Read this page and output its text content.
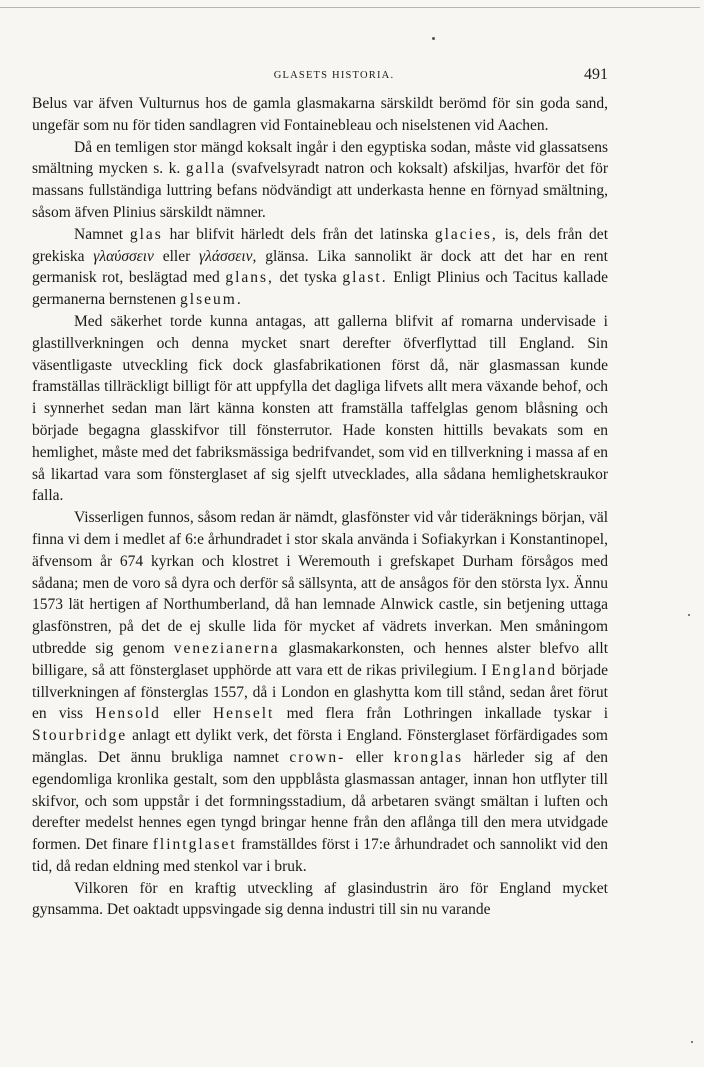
GLASETS HISTORIA.	491

Belus var äfven Vulturnus hos de gamla glasmakarna särskildt berömd för sin goda sand, ungefär som nu för tiden sandlagren vid Fontainebleau och niselstenen vid Aachen.

Då en temligen stor mängd koksalt ingår i den egyptiska sodan, måste vid glassatsens smältning mycken s. k. galla (svafvelsyradt natron och koksalt) afskiljas, hvarför det för massans fullständiga luttring befans nödvändigt att underkasta henne en förnyad smältning, såsom äfven Plinius särskildt nämner.

Namnet glas har blifvit härledt dels från det latinska glacies, is, dels från det grekiska γλαύσσειν eller γλάσσειν, glänsa. Lika sannolikt är dock att det har en rent germanisk rot, beslägtad med glans, det tyska glast. Enligt Plinius och Tacitus kallade germanerna bernstenen glseum.

Med säkerhet torde kunna antagas, att gallerna blifvit af romarna undervisade i glastillverkningen och denna mycket snart derefter öfverflyttad till England. Sin väsentligaste utveckling fick dock glasfabrikationen först då, när glasmassan kunde framställas tillräckligt billigt för att uppfylla det dagliga lifvets allt mera växande behof, och i synnerhet sedan man lärt känna konsten att framställa taffelglas genom blåsning och började begagna glasskifvor till fönsterrutor. Hade konsten hittills bevakats som en hemlighet, måste med det fabriksmässiga bedrifvandet, som vid en tillverkning i massa af en så likartad vara som fönsterglaset af sig sjelft utvecklades, alla sådana hemlighetskraukor falla.

Visserligen funnos, såsom redan är nämdt, glasfönster vid vår tideräknings början, väl finna vi dem i medlet af 6:e århundradet i stor skala använda i Sofiakyrkan i Konstantinopel, äfvensom år 674 kyrkan och klostret i Weremouth i grefskapet Durham försågos med sådana; men de voro så dyra och derför så sällsynta, att de ansågos för den största lyx. Ännu 1573 lät hertigen af Northumberland, då han lemnade Alnwick castle, sin betjening uttaga glasfönstren, på det de ej skulle lida för mycket af vädrets inverkan. Men småningom utbredde sig genom venezianerna glasmakarkonsten, och hennes alster blefvo allt billigare, så att fönsterglaset upphörde att vara ett de rikas privilegium. I England började tillverkningen af fönsterglas 1557, då i London en glashytta kom till stånd, sedan året förut en viss Hensold eller Henselt med flera från Lothringen inkallade tyskar i Stourbridge anlagt ett dylikt verk, det första i England. Fönsterglaset förfärdigades som mänglas. Det ännu brukliga namnet crown- eller kronglas härleder sig af den egendomliga kronlika gestalt, som den uppblåsta glasmassan antager, innan hon utflyter till skifvor, och som uppstår i det formningsstadium, då arbetaren svängt smältan i luften och derefter medelst hennes egen tyngd bringar henne från den aflånga till den mera utvidgade formen. Det finare flintglaset framställdes först i 17:e århundradet och sannolikt vid den tid, då redan eldning med stenkol var i bruk.

Vilkoren för en kraftig utveckling af glasindustrin äro för England mycket gynsamma. Det oaktadt uppsvingade sig denna industri till sin nu varande
